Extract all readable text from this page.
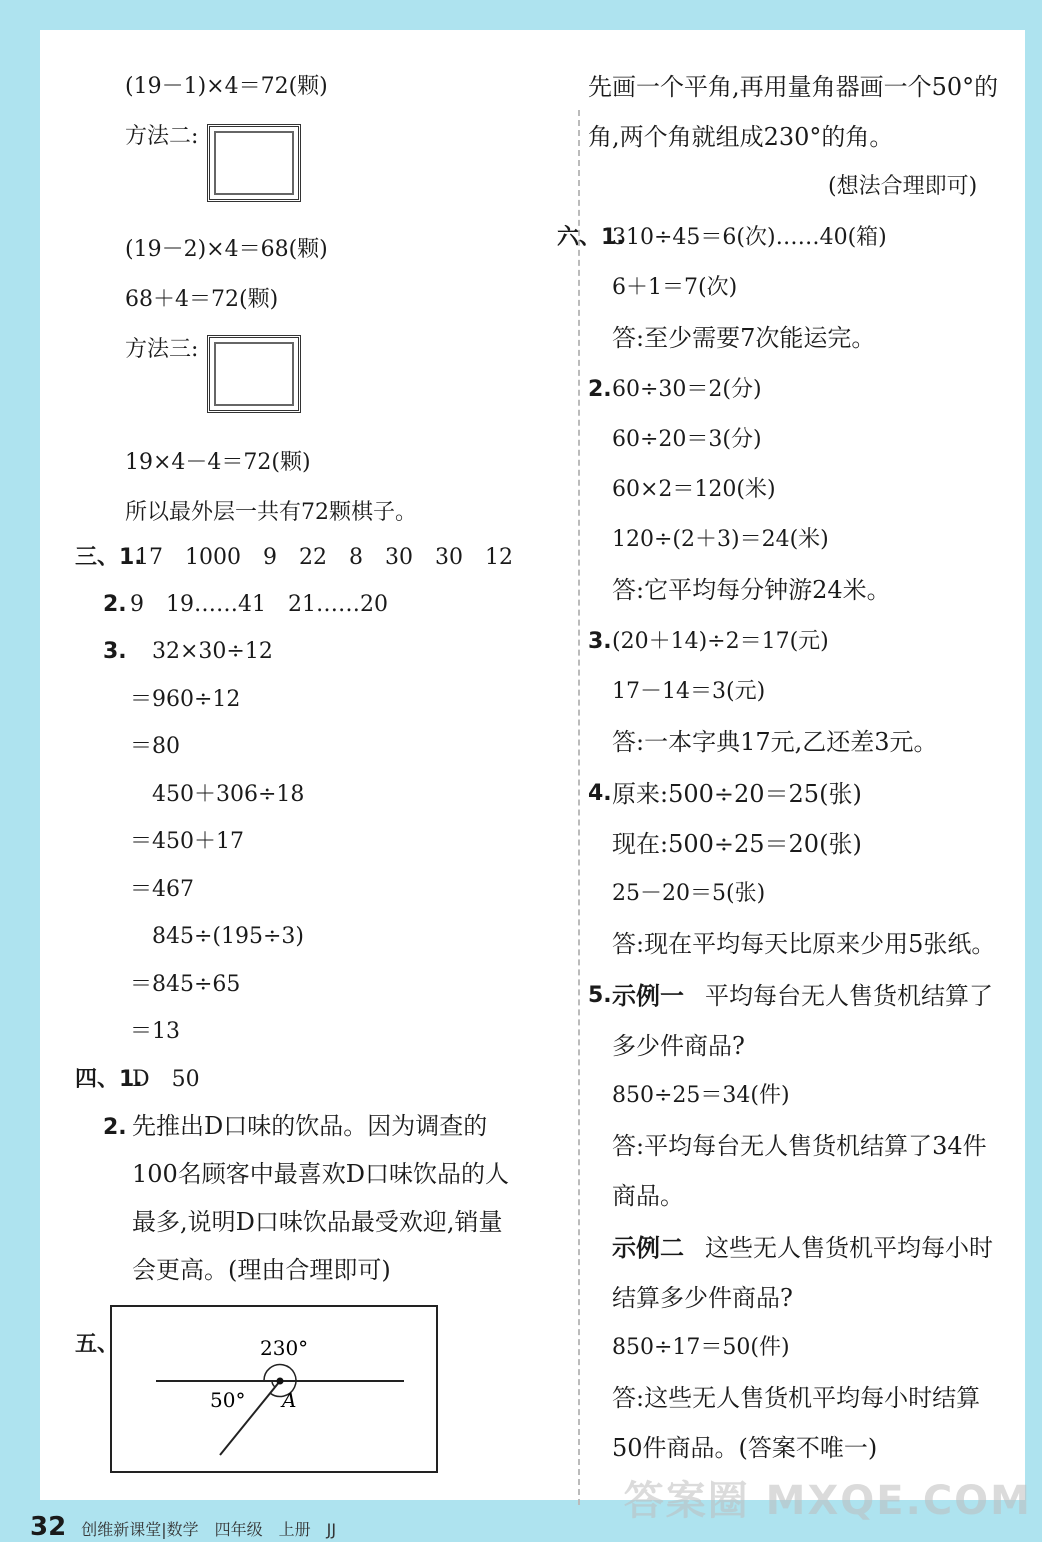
(19－1)×4＝72(颗)
方法二:
(19－2)×4＝68(颗)
68＋4＝72(颗)
方法三:
19×4－4＝72(颗)
所以最外层一共有72颗棋子。
三、1.
17　1000　9　22　8　30　30　12
2. 9　19……41　21……20
3. 32×30÷12
＝960÷12
＝80
450＋306÷18
＝450＋17
＝467
845÷(195÷3)
＝845÷65
＝13
四、1.
D　50
2. 先推出D口味的饮品。因为调查的
100名顾客中最喜欢D口味饮品的人
最多,说明D口味饮品最受欢迎,销量
会更高。(理由合理即可)
五、	230°
50° A
先画一个平角,再用量角器画一个50°的
角,两个角就组成230°的角。
(想法合理即可)
六、1.
310÷45＝6(次)……40(箱)
6＋1＝7(次)
答:至少需要7次能运完。
2. 60÷30＝2(分)
60÷20＝3(分)
60×2＝120(米)
120÷(2＋3)＝24(米)
答:它平均每分钟游24米。
3. (20＋14)÷2＝17(元)
17－14＝3(元)
答:一本字典17元,乙还差3元。
4. 原来:500÷20＝25(张)
现在:500÷25＝20(张)
25－20＝5(张)
答:现在平均每天比原来少用5张纸。
5. 示例一 平均每台无人售货机结算了
多少件商品?
850÷25＝34(件)
答:平均每台无人售货机结算了34件
商品。
示例二 这些无人售货机平均每小时
结算多少件商品?
850÷17＝50(件)
答:这些无人售货机平均每小时结算
50件商品。(答案不唯一)
32 创维新课堂|数学　四年级　上册　JJ
答案圈 MXQE.COM
